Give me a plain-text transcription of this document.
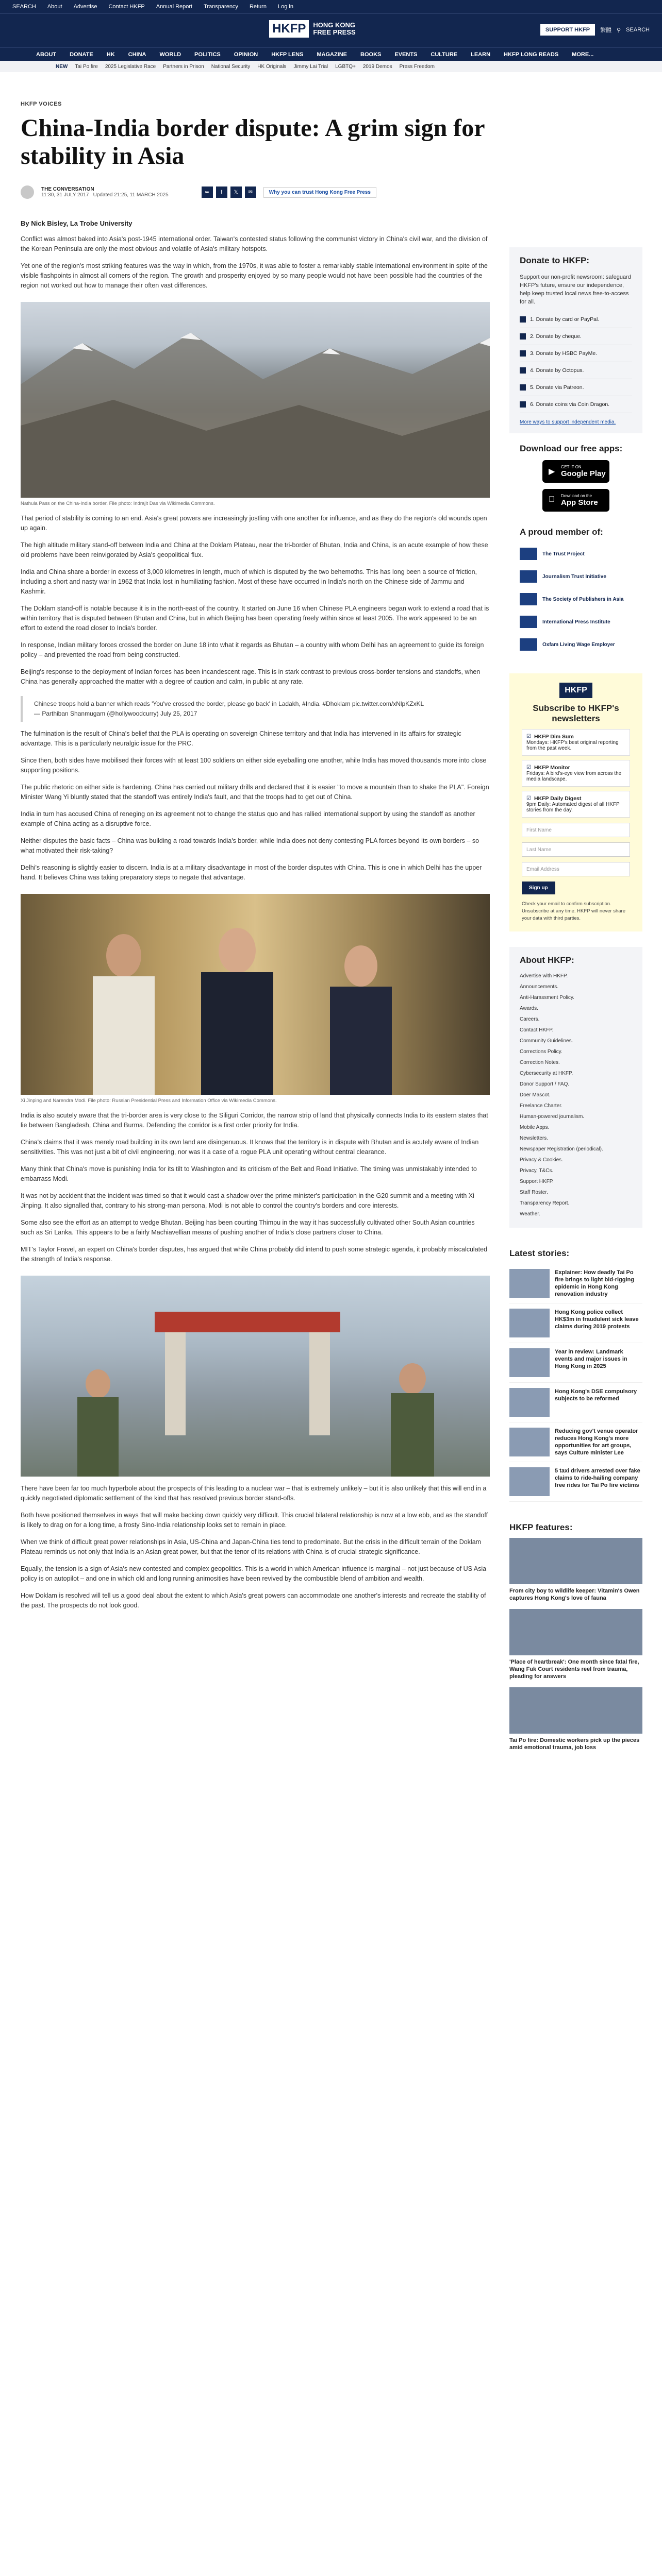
SEARCH About Advertise Contact HKFP Annual Report Transparency Return Log in
HKFP	HONG KONG
FREE PRESS	SUPPORT HKFP	繁體 ⚲ SEARCH
ABOUT DONATE HK CHINA WORLD POLITICS OPINION HKFP LENS MAGAZINE BOOKS EVENTS CULTURE LEARN HKFP LONG READS MORE...
NEW Tai Po fire 2025 Legislative Race Partners in Prison National Security HK Originals Jimmy Lai Trial LGBTQ+ 2019 Demos Press Freedom
HKFP VOICES
China-India border dispute: A grim sign for stability in Asia
THE CONVERSATION
11:30, 31 JULY 2017 Updated 21:25, 11 MARCH 2025	➥	f	𝕏	✉	Why you can trust Hong Kong Free Press
By Nick Bisley, La Trobe University

Conflict was almost baked into Asia's post-1945 international order. Taiwan's contested status following the communist victory in China's civil war, and the division of the Korean Peninsula are only the most obvious and volatile of Asia's military hotspots.

Yet one of the region's most striking features was the way in which, from the 1970s, it was able to foster a remarkably stable international environment in spite of the visible flashpoints in almost all corners of the region. The growth and prosperity enjoyed by so many people would not have been possible had the countries of the region not worked out how to manage their often vast differences.

Nathula Pass on the China-India border. File photo: Indrajit Das via Wikimedia Commons.

That period of stability is coming to an end. Asia's great powers are increasingly jostling with one another for influence, and as they do the region's old wounds open up again.

The high altitude military stand-off between India and China at the Doklam Plateau, near the tri-border of Bhutan, India and China, is an acute example of how these old problems have been reinvigorated by Asia's geopolitical flux.

India and China share a border in excess of 3,000 kilometres in length, much of which is disputed by the two behemoths. This has long been a source of friction, including a short and nasty war in 1962 that India lost in humiliating fashion. Most of these have occurred in India's north on the Chinese side of Jammu and Kashmir.

The Doklam stand-off is notable because it is in the north-east of the country. It started on June 16 when Chinese PLA engineers began work to extend a road that is within territory that is disputed between Bhutan and China, but in which Beijing has been operating freely within since at least 2005. The work appeared to be an effort to extend the road closer to India's border.

In response, Indian military forces crossed the border on June 18 into what it regards as Bhutan – a country with whom Delhi has an agreement to guide its foreign policy – and prevented the road from being constructed.

Beijing's response to the deployment of Indian forces has been incandescent rage. This is in stark contrast to previous cross-border tensions and standoffs, when China has generally approached the matter with a degree of caution and calm, in public at any rate.

Chinese troops hold a banner which reads 'You've crossed the border, please go back' in Ladakh, #India. #Dhoklam pic.twitter.com/xNlpKZxKL
— Parthiban Shanmugam (@hollywoodcurry) July 25, 2017

The fulmination is the result of China's belief that the PLA is operating on sovereign Chinese territory and that India has intervened in its affairs for strategic advantage. This is a particularly neuralgic issue for the PRC.

Since then, both sides have mobilised their forces with at least 100 soldiers on either side eyeballing one another, while India has moved thousands more into close supporting positions.

The public rhetoric on either side is hardening. China has carried out military drills and declared that it is easier "to move a mountain than to shake the PLA". Foreign Minister Wang Yi bluntly stated that the standoff was entirely India's fault, and that the troops had to get out of China.

India in turn has accused China of reneging on its agreement not to change the status quo and has rallied international support by using the standoff as another example of China acting as a disruptive force.

Neither disputes the basic facts – China was building a road towards India's border, while India does not deny contesting PLA forces beyond its own borders – so what motivated their risk-taking?

Delhi's reasoning is slightly easier to discern. India is at a military disadvantage in most of the border disputes with China. This is one in which Delhi has the upper hand. It believes China was taking preparatory steps to negate that advantage.

Xi Jinping and Narendra Modi. File photo: Russian Presidential Press and Information Office via Wikimedia Commons.

India is also acutely aware that the tri-border area is very close to the Siliguri Corridor, the narrow strip of land that physically connects India to its eastern states that lie between Bangladesh, China and Burma. Defending the corridor is a first order priority for India.

China's claims that it was merely road building in its own land are disingenuous. It knows that the territory is in dispute with Bhutan and is acutely aware of Indian sensitivities. This was not just a bit of civil engineering, nor was it a case of a rogue PLA unit operating without central clearance.

Many think that China's move is punishing India for its tilt to Washington and its criticism of the Belt and Road Initiative. The timing was unmistakably intended to embarrass Modi.

It was not by accident that the incident was timed so that it would cast a shadow over the prime minister's participation in the G20 summit and a meeting with Xi Jinping. It also signalled that, contrary to his strong-man persona, Modi is not able to control the country's borders and core interests.

Some also see the effort as an attempt to wedge Bhutan. Beijing has been courting Thimpu in the way it has successfully cultivated other South Asian countries such as Sri Lanka. This appears to be a fairly Machiavellian means of pushing another of India's close partners closer to China.

MIT's Taylor Fravel, an expert on China's border disputes, has argued that while China probably did intend to push some strategic agenda, it probably miscalculated the strength of India's response.

There have been far too much hyperbole about the prospects of this leading to a nuclear war – that is extremely unlikely – but it is also unlikely that this will end in a quickly negotiated diplomatic settlement of the kind that has resolved previous border stand-offs.

Both have positioned themselves in ways that will make backing down quickly very difficult. This crucial bilateral relationship is now at a low ebb, and as the standoff is likely to drag on for a long time, a frosty Sino-India relationship looks set to remain in place.

When we think of difficult great power relationships in Asia, US-China and Japan-China ties tend to predominate. But the crisis in the difficult terrain of the Doklam Plateau reminds us not only that India is an Asian great power, but that the tenor of its relations with China is of crucial strategic significance.

Equally, the tension is a sign of Asia's new contested and complex geopolitics. This is a world in which American influence is marginal – not just because of US Asia policy is on autopilot – and one in which old and long running animosities have been revived by the combustible blend of ambition and wealth.

How Doklam is resolved will tell us a good deal about the extent to which Asia's great powers can accommodate one another's interests and recreate the stability of the past. The prospects do not look good.

Donate to HKFP:
Support our non-profit newsroom: safeguard HKFP's future, ensure our independence, help keep trusted local news free-to-access for all.
1. Donate by card or PayPal.
2. Donate by cheque.
3. Donate by HSBC PayMe.
4. Donate by Octopus.
5. Donate via Patreon.
6. Donate coins via Coin Dragon.
More ways to support independent media.
Download our free apps:
▶
GET IT ON
Google Play
Download on the
App Store
A proud member of:
The Trust Project
Journalism Trust Initiative
The Society of Publishers in Asia
International Press Institute
Oxfam Living Wage Employer
HKFP
Subscribe to HKFP's newsletters
☑ HKFP Dim Sum
Mondays: HKFP's best original reporting from the past week.
☑ HKFP Monitor
Fridays: A bird's-eye view from across the media landscape.
☑ HKFP Daily Digest
9pm Daily: Automated digest of all HKFP stories from the day.
First Name
Last Name
Email Address
Sign up
Check your email to confirm subscription. Unsubscribe at any time. HKFP will never share your data with third parties.
About HKFP:
Advertise with HKFP.
Announcements.
Anti-Harassment Policy.
Awards.
Careers.
Contact HKFP.
Community Guidelines.
Corrections Policy.
Correction Notes.
Cybersecurity at HKFP.
Donor Support / FAQ.
Doer Mascot.
Freelance Charter.
Human-powered journalism.
Mobile Apps.
Newsletters.
Newspaper Registration (periodical).
Privacy & Cookies.
Privacy, T&Cs.
Support HKFP.
Staff Roster.
Transparency Report.
Weather.
Latest stories:
Explainer: How deadly Tai Po fire brings to light bid-rigging epidemic in Hong Kong renovation industry
Hong Kong police collect HK$3m in fraudulent sick leave claims during 2019 protests
Year in review: Landmark events and major issues in Hong Kong in 2025
Hong Kong's DSE compulsory subjects to be reformed
Reducing gov't venue operator reduces Hong Kong's more opportunities for art groups, says Culture minister Lee
5 taxi drivers arrested over fake claims to ride-hailing company free rides for Tai Po fire victims
HKFP features:
From city boy to wildlife keeper: Vitamin's Owen captures Hong Kong's love of fauna
'Place of heartbreak': One month since fatal fire, Wang Fuk Court residents reel from trauma, pleading for answers
Tai Po fire: Domestic workers pick up the pieces amid emotional trauma, job loss
